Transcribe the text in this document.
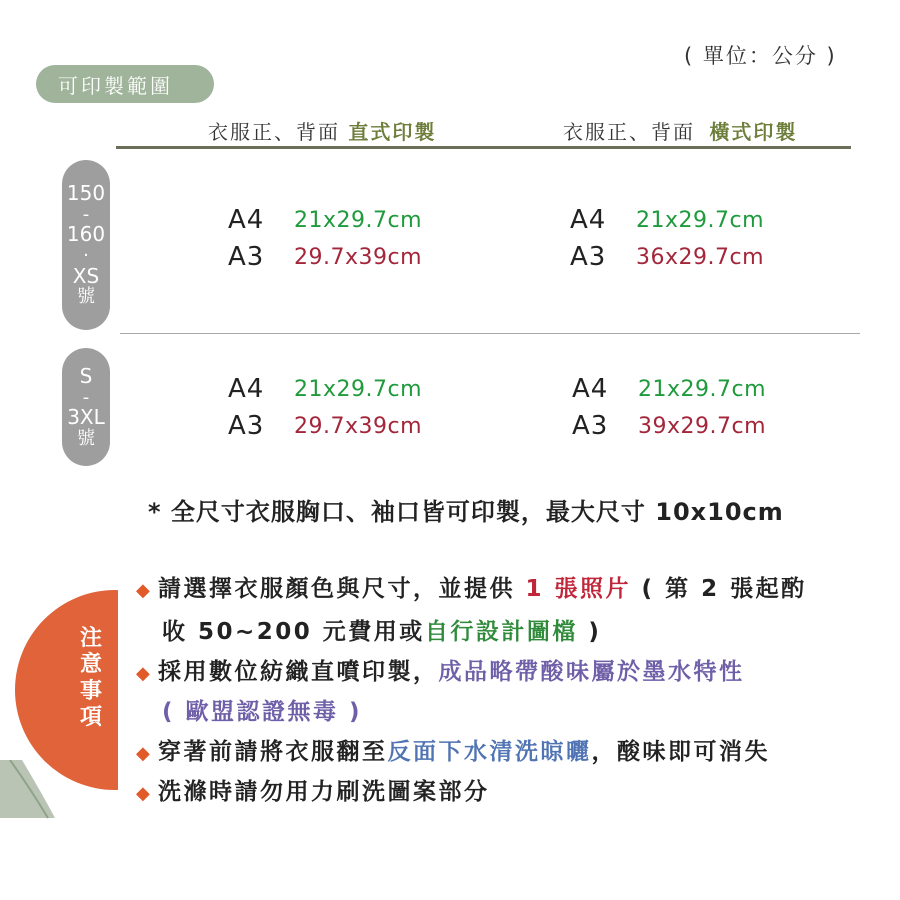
( 單位：公分 )
可印製範圍
衣服正、背面 直式印製	衣服正、背面 橫式印製
150
-
160
·
XS
號
A4 21x29.7cm
A3 29.7x39cm
A4 21x29.7cm
A3 36x29.7cm
S
-
3XL
號
A4 21x29.7cm
A3 29.7x39cm
A4 21x29.7cm
A3 39x29.7cm
* 全尺寸衣服胸口、袖口皆可印製，最大尺寸 10x10cm
注
意
事
項
◆ 請選擇衣服顏色與尺寸，並提供 1 張照片 ( 第 2 張起酌
收 50~200 元費用或自行設計圖檔 )
◆ 採用數位紡織直噴印製，成品略帶酸味屬於墨水特性
( 歐盟認證無毒 )
◆ 穿著前請將衣服翻至反面下水清洗晾曬，酸味即可消失
◆ 洗滌時請勿用力刷洗圖案部分
